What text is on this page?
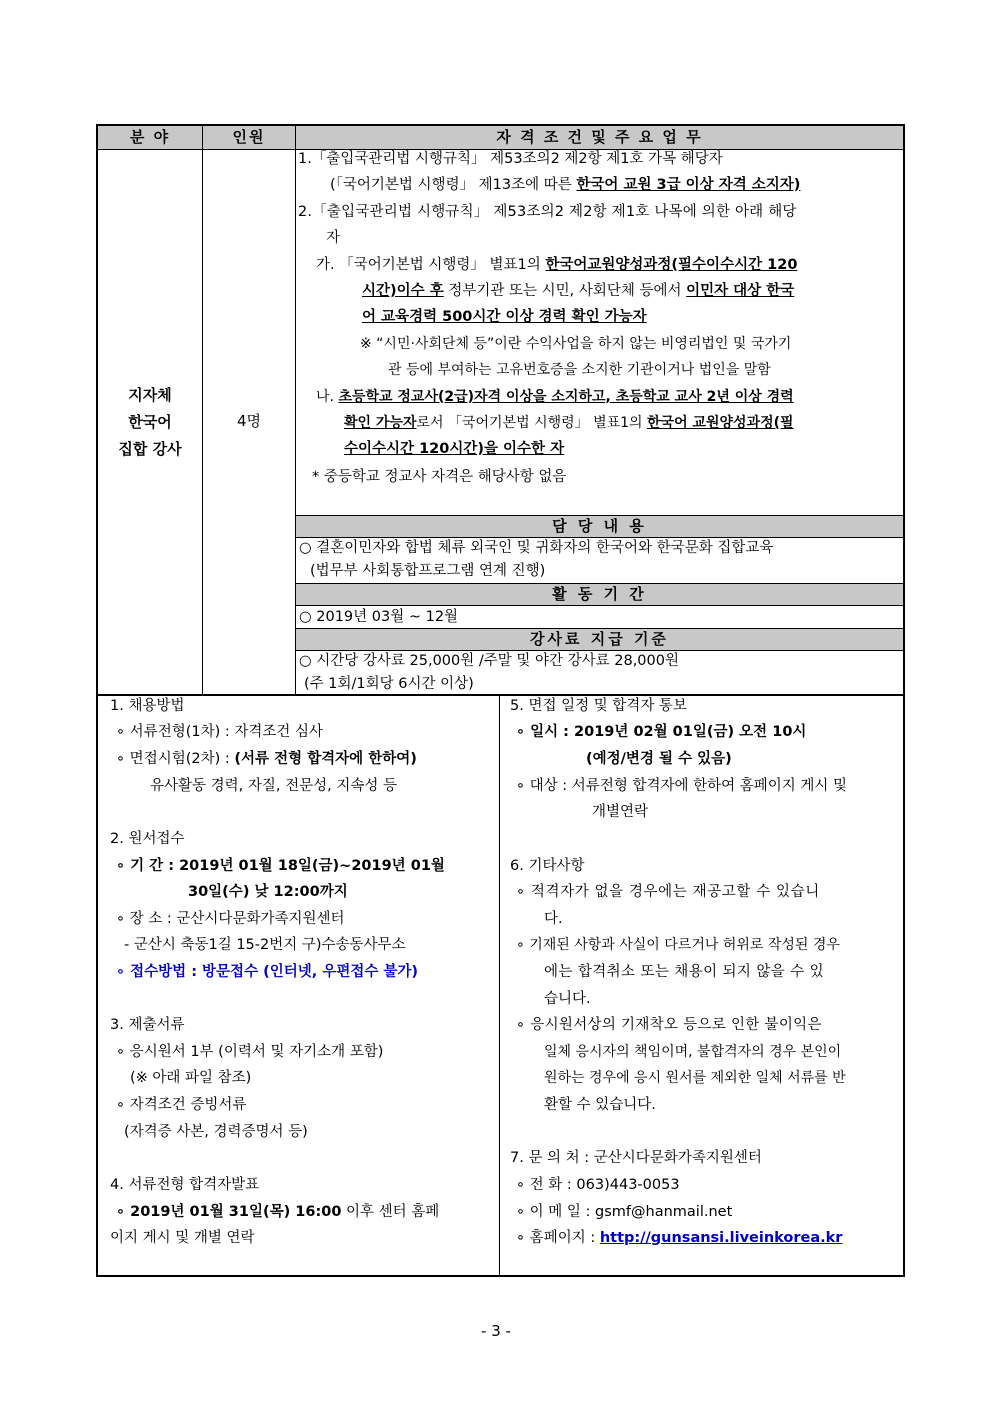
분 야	인원	자 격 조 건 및 주 요 업 무
지자체
한국어
집합 강사
4명
1.「출입국관리법 시행규칙」 제53조의2 제2항 제1호 가목 해당자
(「국어기본법 시행령」 제13조에 따른 한국어 교원 3급 이상 자격 소지자)
2.「출입국관리법 시행규칙」 제53조의2 제2항 제1호 나목에 의한 아래 해당
자
가. 「국어기본법 시행령」 별표1의 한국어교원양성과정(필수이수시간 120
시간)이수 후 정부기관 또는 시민, 사회단체 등에서 이민자 대상 한국
어 교육경력 500시간 이상 경력 확인 가능자
※ “시민·사회단체 등”이란 수익사업을 하지 않는 비영리법인 및 국가기
관 등에 부여하는 고유번호증을 소지한 기관이거나 법인을 말함
나. 초등학교 정교사(2급)자격 이상을 소지하고, 초등학교 교사 2년 이상 경력
확인 가능자로서 「국어기본법 시행령」 별표1의 한국어 교원양성과정(필
수이수시간 120시간)을 이수한 자
* 중등학교 정교사 자격은 해당사항 없음
담 당 내 용
○ 결혼이민자와 합법 체류 외국인 및 귀화자의 한국어와 한국문화 집합교육
(법무부 사회통합프로그램 연계 진행)
활 동 기 간
○ 2019년 03월 ~ 12월
강사료 지급 기준
○ 시간당 강사료 25,000원 /주말 및 야간 강사료 28,000원
(주 1회/1회당 6시간 이상)
1. 채용방법
∘ 서류전형(1차) : 자격조건 심사
∘ 면접시험(2차) : (서류 전형 합격자에 한하여)
유사활동 경력, 자질, 전문성, 지속성 등
2. 원서접수
∘ 기 간 : 2019년 01월 18일(금)~2019년 01월
30일(수) 낮 12:00까지
∘ 장 소 : 군산시다문화가족지원센터
- 군산시 축동1길 15-2번지 구)수송동사무소
∘ 접수방법 : 방문접수 (인터넷, 우편접수 불가)
3. 제출서류
∘ 응시원서 1부 (이력서 및 자기소개 포함)
(※ 아래 파일 참조)
∘ 자격조건 증빙서류
(자격증 사본, 경력증명서 등)
4. 서류전형 합격자발표
∘ 2019년 01월 31일(목) 16:00 이후 센터 홈페
이지 게시 및 개별 연락
5. 면접 일정 및 합격자 통보
∘ 일시 : 2019년 02월 01일(금) 오전 10시
(예정/변경 될 수 있음)
∘ 대상 : 서류전형 합격자에 한하여 홈페이지 게시 및
개별연락
6. 기타사항
∘ 적격자가 없을 경우에는 재공고할 수 있습니
다.
∘ 기재된 사항과 사실이 다르거나 허위로 작성된 경우
에는 합격취소 또는 채용이 되지 않을 수 있
습니다.
∘ 응시원서상의 기재착오 등으로 인한 불이익은
일체 응시자의 책임이며, 불합격자의 경우 본인이
원하는 경우에 응시 원서를 제외한 일체 서류를 반
환할 수 있습니다.
7. 문 의 처 : 군산시다문화가족지원센터
∘ 전 화 : 063)443-0053
∘ 이 메 일 : gsmf@hanmail.net
∘ 홈페이지 : http://gunsansi.liveinkorea.kr
- 3 -
